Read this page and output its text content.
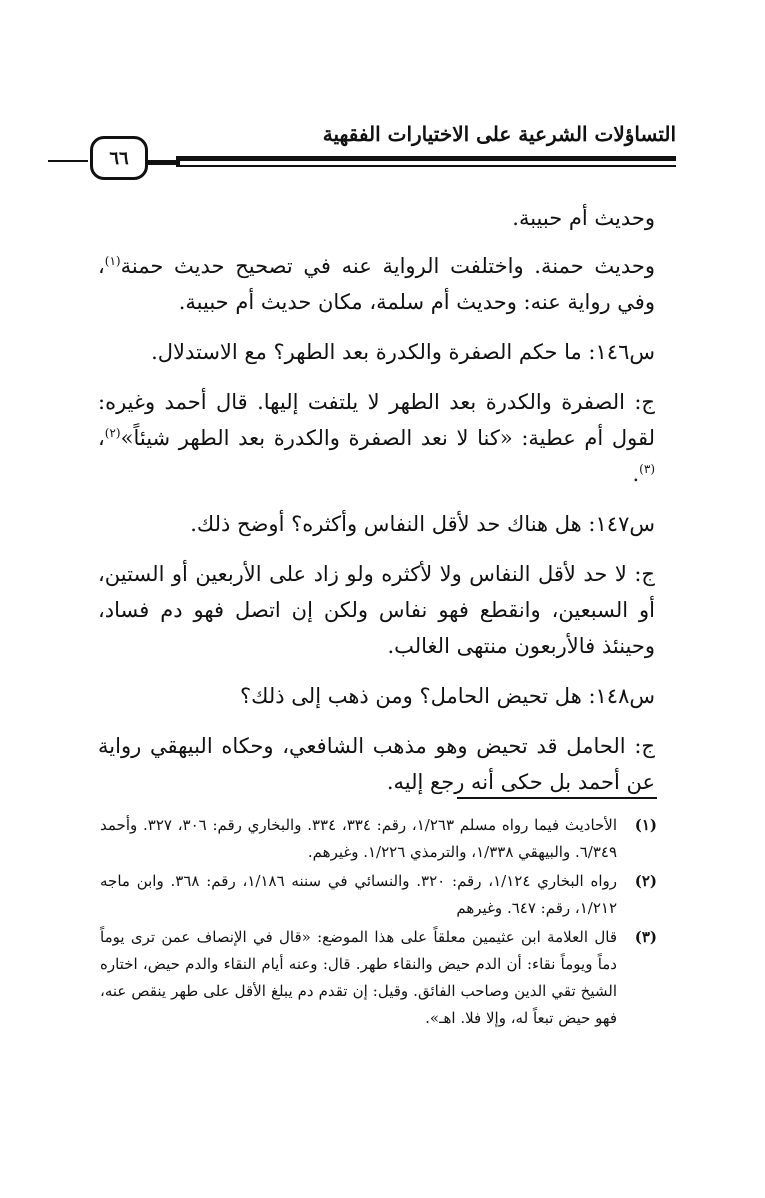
التساؤلات الشرعية على الاختيارات الفقهية
٦٦

وحديث أم حبيبة.

وحديث حمنة. واختلفت الرواية عنه في تصحيح حديث حمنة$^{(١)}$، وفي رواية عنه: وحديث أم سلمة، مكان حديث أم حبيبة.

س١٤٦: ما حكم الصفرة والكدرة بعد الطهر؟ مع الاستدلال.

ج: الصفرة والكدرة بعد الطهر لا يلتفت إليها. قال أحمد وغيره: لقول أم عطية: «كنا لا نعد الصفرة والكدرة بعد الطهر شيئاً»$^{(٢)}$،$^{(٣)}$.

س١٤٧: هل هناك حد لأقل النفاس وأكثره؟ أوضح ذلك.

ج: لا حد لأقل النفاس ولا لأكثره ولو زاد على الأربعين أو الستين، أو السبعين، وانقطع فهو نفاس ولكن إن اتصل فهو دم فساد، وحينئذ فالأربعون منتهى الغالب.

س١٤٨: هل تحيض الحامل؟ ومن ذهب إلى ذلك؟

ج: الحامل قد تحيض وهو مذهب الشافعي، وحكاه البيهقي رواية عن أحمد بل حكى أنه رجع إليه.

(١)
الأحاديث فيما رواه مسلم ١/٢٦٣، رقم: ٣٣٤، ٣٣٤. والبخاري رقم: ٣٠٦، ٣٢٧. وأحمد ٦/٣٤٩. والبيهقي ١/٣٣٨، والترمذي ١/٢٢٦. وغيرهم.
(٢)
رواه البخاري ١/١٢٤، رقم: ٣٢٠. والنسائي في سننه ١/١٨٦، رقم: ٣٦٨. وابن ماجه ١/٢١٢، رقم: ٦٤٧. وغيرهم
(٣)
قال العلامة ابن عثيمين معلقاً على هذا الموضع: «قال في الإنصاف عمن ترى يوماً دماً ويوماً نقاء: أن الدم حيض والنقاء طهر. قال: وعنه أيام النقاء والدم حيض، اختاره الشيخ تقي الدين وصاحب الفائق. وقيل: إن تقدم دم يبلغ الأقل على طهر ينقص عنه، فهو حيض تبعاً له، وإلا فلا. اهـ».
